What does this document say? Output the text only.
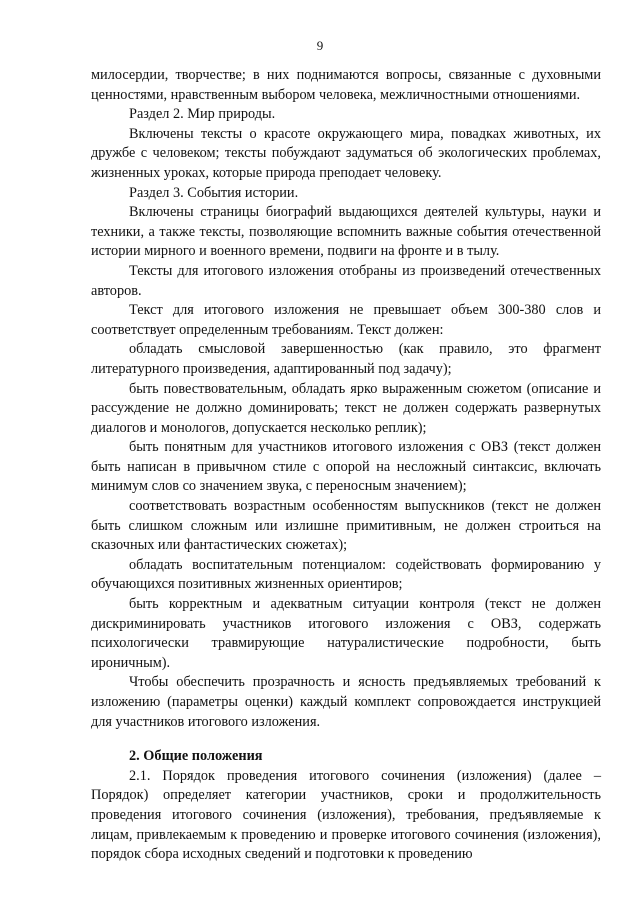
9

милосердии, творчестве; в них поднимаются вопросы, связанные с духовными ценностями, нравственным выбором человека, межличностными отношениями.

Раздел 2. Мир природы.

Включены тексты о красоте окружающего мира, повадках животных, их дружбе с человеком; тексты побуждают задуматься об экологических проблемах, жизненных уроках, которые природа преподает человеку.

Раздел 3. События истории.

Включены страницы биографий выдающихся деятелей культуры, науки и техники, а также тексты, позволяющие вспомнить важные события отечественной истории мирного и военного времени, подвиги на фронте и в тылу.

Тексты для итогового изложения отобраны из произведений отечественных авторов.

Текст для итогового изложения не превышает объем 300-380 слов и соответствует определенным требованиям. Текст должен:

обладать смысловой завершенностью (как правило, это фрагмент литературного произведения, адаптированный под задачу);

быть повествовательным, обладать ярко выраженным сюжетом (описание и рассуждение не должно доминировать; текст не должен содержать развернутых диалогов и монологов, допускается несколько реплик);

быть понятным для участников итогового изложения с ОВЗ (текст должен быть написан в привычном стиле с опорой на несложный синтаксис, включать минимум слов со значением звука, с переносным значением);

соответствовать возрастным особенностям выпускников (текст не должен быть слишком сложным или излишне примитивным, не должен строиться на сказочных или фантастических сюжетах);

обладать воспитательным потенциалом: содействовать формированию у обучающихся позитивных жизненных ориентиров;

быть корректным и адекватным ситуации контроля (текст не должен дискриминировать участников итогового изложения с ОВЗ, содержать психологически травмирующие натуралистические подробности, быть ироничным).

Чтобы обеспечить прозрачность и ясность предъявляемых требований к изложению (параметры оценки) каждый комплект сопровождается инструкцией для участников итогового изложения.

2. Общие положения

2.1. Порядок проведения итогового сочинения (изложения) (далее – Порядок) определяет категории участников, сроки и продолжительность проведения итогового сочинения (изложения), требования, предъявляемые к лицам, привлекаемым к проведению и проверке итогового сочинения (изложения), порядок сбора исходных сведений и подготовки к проведению
